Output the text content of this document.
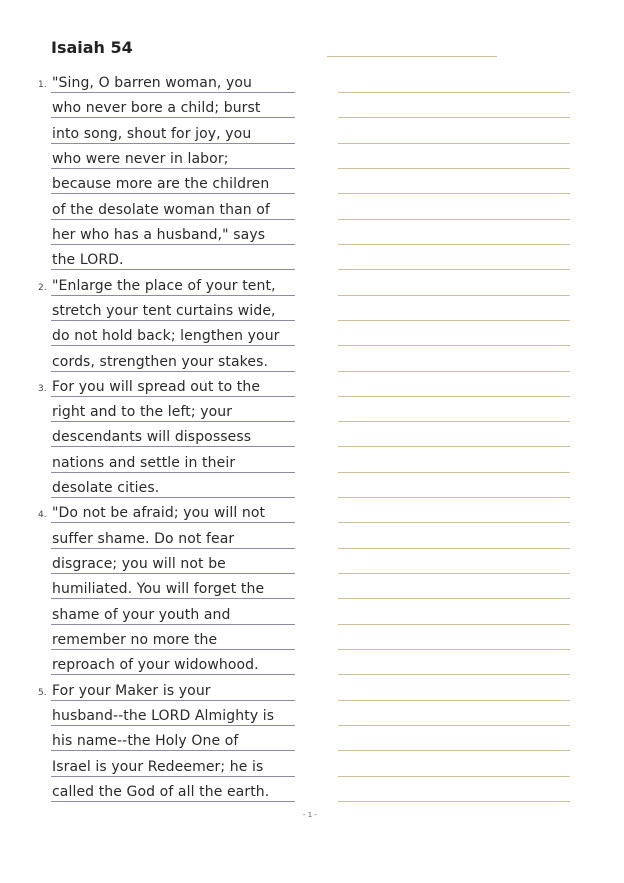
Isaiah 54
1. "Sing, O barren woman, you
who never bore a child; burst
into song, shout for joy, you
who were never in labor;
because more are the children
of the desolate woman than of
her who has a husband," says
the LORD.
2. "Enlarge the place of your tent,
stretch your tent curtains wide,
do not hold back; lengthen your
cords, strengthen your stakes.
3. For you will spread out to the
right and to the left; your
descendants will dispossess
nations and settle in their
desolate cities.
4. "Do not be afraid; you will not
suffer shame. Do not fear
disgrace; you will not be
humiliated. You will forget the
shame of your youth and
remember no more the
reproach of your widowhood.
5. For your Maker is your
husband--the LORD Almighty is
his name--the Holy One of
Israel is your Redeemer; he is
called the God of all the earth.
- 1 -
